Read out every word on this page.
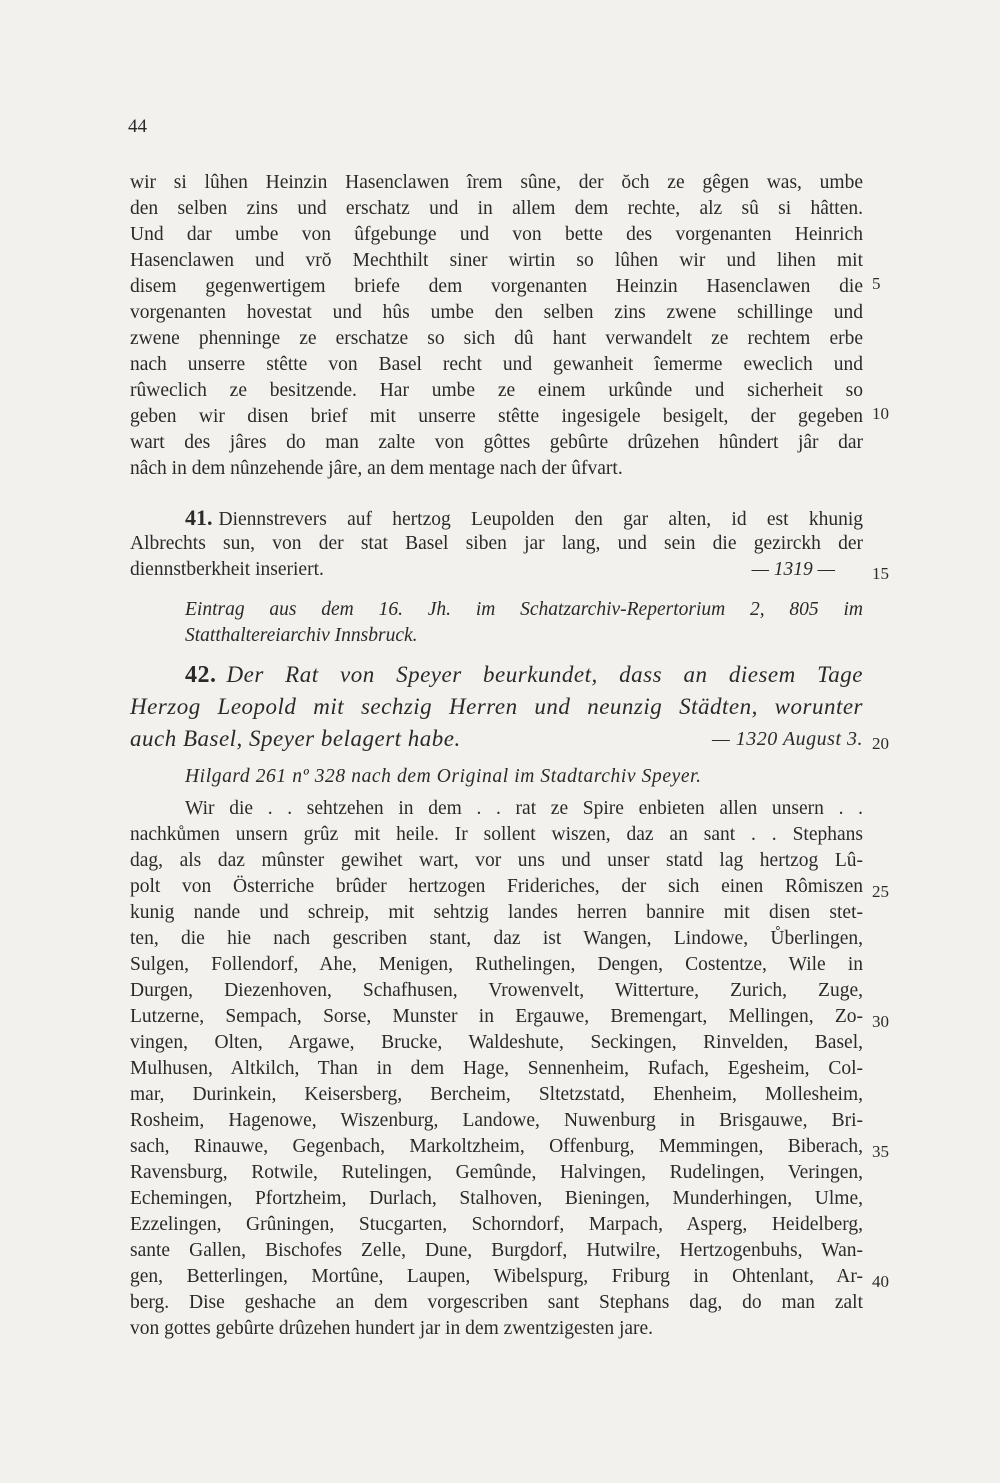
44
wir si lûhen Heinzin Hasenclawen îrem sûne, der ŏch ze gêgen was, umbe
den selben zins und erschatz und in allem dem rechte, alz sû si hâtten.
Und dar umbe von ûfgebunge und von bette des vorgenanten Heinrich
Hasenclawen und vrŏ Mechthilt siner wirtin so lûhen wir und lihen mit
disem gegenwertigem briefe dem vorgenanten Heinzin Hasenclawen die
vorgenanten hovestat und hûs umbe den selben zins zwene schillinge und
zwene phenninge ze erschatze so sich dû hant verwandelt ze rechtem erbe
nach unserre stêtte von Basel recht und gewanheit îemerme eweclich und
rûweclich ze besitzende. Har umbe ze einem urkûnde und sicherheit so
geben wir disen brief mit unserre stêtte ingesigele besigelt, der gegeben
wart des jâres do man zalte von gôttes gebûrte drûzehen hûndert jâr dar
nâch in dem nûnzehende jâre, an dem mentage nach der ûfvart.
41. Diennstrevers auf hertzog Leupolden den gar alten, id est khunig
Albrechts sun, von der stat Basel siben jar lang, und sein die gezirckh der
diennstberkheit inseriert.	— 1319 —
Eintrag aus dem 16. Jh. im Schatzarchiv-Repertorium 2, 805 im
Statthaltereiarchiv Innsbruck.
42. Der Rat von Speyer beurkundet, dass an diesem Tage
Herzog Leopold mit sechzig Herren und neunzig Städten, worunter
auch Basel, Speyer belagert habe.	— 1320 August 3.
Hilgard 261 nº 328 nach dem Original im Stadtarchiv Speyer.
Wir die . . sehtzehen in dem . . rat ze Spire enbieten allen unsern . .
nachkůmen unsern grûz mit heile. Ir sollent wiszen, daz an sant . . Stephans
dag, als daz mûnster gewihet wart, vor uns und unser statd lag hertzog Lû-
polt von Österriche brûder hertzogen Frideriches, der sich einen Rômiszen
kunig nande und schreip, mit sehtzig landes herren bannire mit disen stet-
ten, die hie nach gescriben stant, daz ist Wangen, Lindowe, Ůberlingen,
Sulgen, Follendorf, Ahe, Menigen, Ruthelingen, Dengen, Costentze, Wile in
Durgen, Diezenhoven, Schafhusen, Vrowenvelt, Witterture, Zurich, Zuge,
Lutzerne, Sempach, Sorse, Munster in Ergauwe, Bremengart, Mellingen, Zo-
vingen, Olten, Argawe, Brucke, Waldeshute, Seckingen, Rinvelden, Basel,
Mulhusen, Altkilch, Than in dem Hage, Sennenheim, Rufach, Egesheim, Col-
mar, Durinkein, Keisersberg, Bercheim, Sltetzstatd, Ehenheim, Mollesheim,
Rosheim, Hagenowe, Wiszenburg, Landowe, Nuwenburg in Brisgauwe, Bri-
sach, Rinauwe, Gegenbach, Markoltzheim, Offenburg, Memmingen, Biberach,
Ravensburg, Rotwile, Rutelingen, Gemûnde, Halvingen, Rudelingen, Veringen,
Echemingen, Pfortzheim, Durlach, Stalhoven, Bieningen, Munderhingen, Ulme,
Ezzelingen, Grûningen, Stucgarten, Schorndorf, Marpach, Asperg, Heidelberg,
sante Gallen, Bischofes Zelle, Dune, Burgdorf, Hutwilre, Hertzogenbuhs, Wan-
gen, Betterlingen, Mortûne, Laupen, Wibelspurg, Friburg in Ohtenlant, Ar-
berg. Dise geshache an dem vorgescriben sant Stephans dag, do man zalt
von gottes gebûrte drûzehen hundert jar in dem zwentzigesten jare.
5
10
15
20
25
30
35
40
